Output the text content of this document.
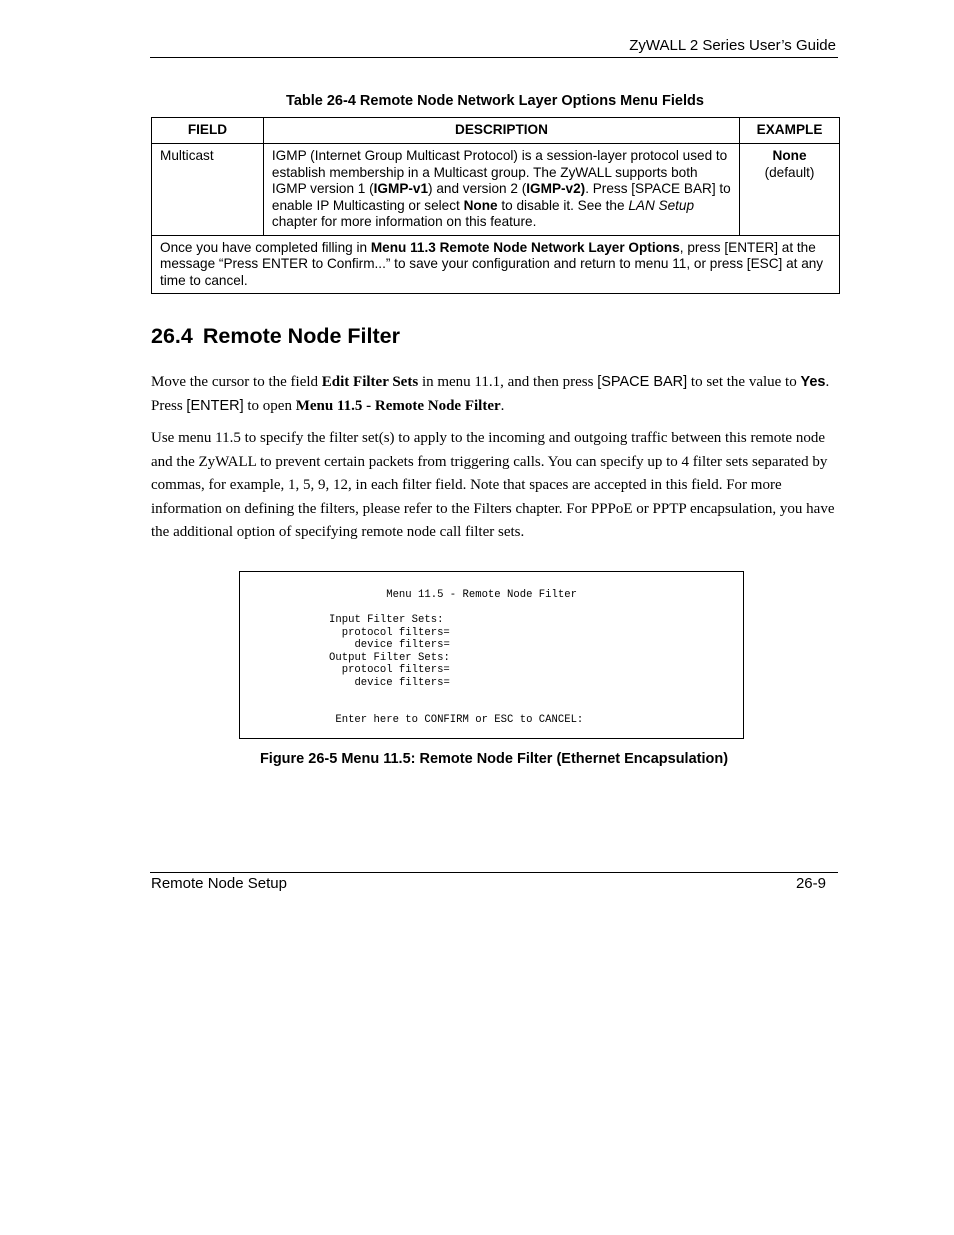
ZyWALL 2 Series User’s Guide
Table 26-4 Remote Node Network Layer Options Menu Fields
FIELD	DESCRIPTION	EXAMPLE
Multicast	IGMP (Internet Group Multicast Protocol) is a session-layer protocol used to establish membership in a Multicast group. The ZyWALL supports both IGMP version 1 (IGMP-v1) and version 2 (IGMP-v2). Press [SPACE BAR] to enable IP Multicasting or select None to disable it. See the LAN Setup chapter for more information on this feature.	None
(default)
Once you have completed filling in Menu 11.3 Remote Node Network Layer Options, press [ENTER] at the message “Press ENTER to Confirm...” to save your configuration and return to menu 11, or press [ESC] at any time to cancel.		
26.4 Remote Node Filter
Move the cursor to the field Edit Filter Sets in menu 11.1, and then press [SPACE BAR] to set the value to Yes. Press [ENTER] to open Menu 11.5 - Remote Node Filter.
Use menu 11.5 to specify the filter set(s) to apply to the incoming and outgoing traffic between this remote node and the ZyWALL to prevent certain packets from triggering calls. You can specify up to 4 filter sets separated by commas, for example, 1, 5, 9, 12, in each filter field. Note that spaces are accepted in this field. For more information on defining the filters, please refer to the Filters chapter. For PPPoE or PPTP encapsulation, you have the additional option of specifying remote node call filter sets.
Menu 11.5 - Remote Node Filter

Input Filter Sets:
protocol filters=
device filters=
Output Filter Sets:
protocol filters=
device filters=

Enter here to CONFIRM or ESC to CANCEL:
Figure 26-5 Menu 11.5: Remote Node Filter (Ethernet Encapsulation)
Remote Node Setup	26-9
